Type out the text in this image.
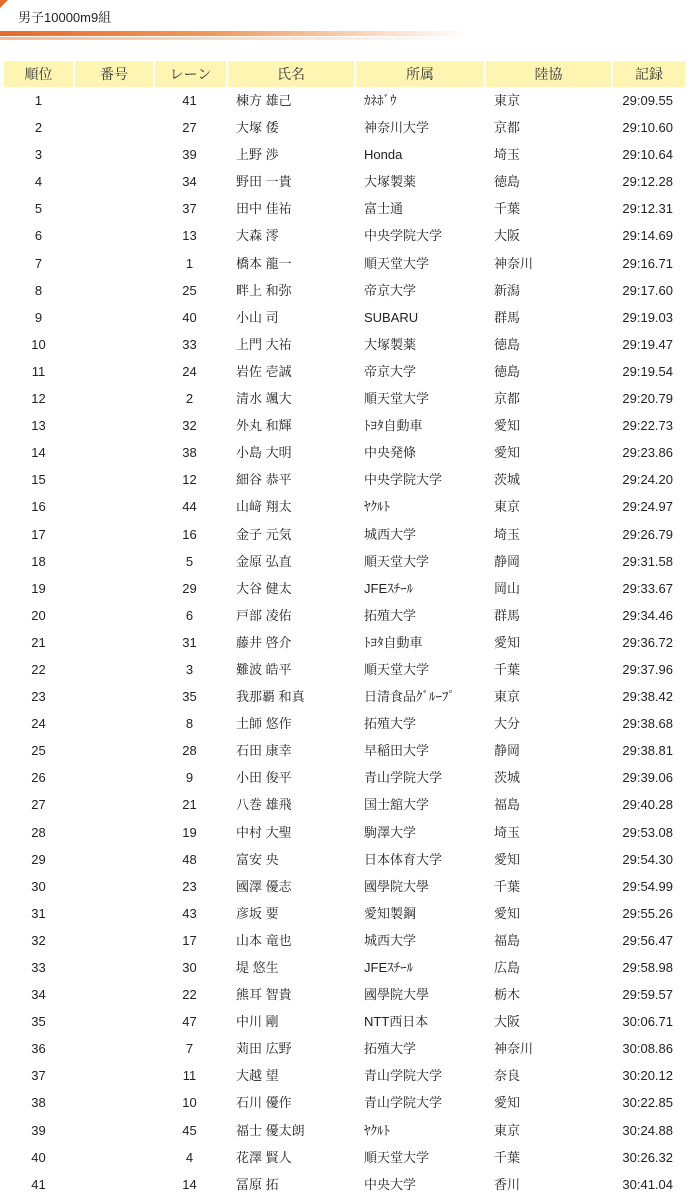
男子10000m9組
順位	番号	レーン	氏名	所属	陸協	記録
1		41	棟方 雄己	ｶﾈﾎﾞｳ	東京	29:09.55
2		27	大塚 倭	神奈川大学	京都	29:10.60
3		39	上野 渉	Honda	埼玉	29:10.64
4		34	野田 一貴	大塚製薬	徳島	29:12.28
5		37	田中 佳祐	富士通	千葉	29:12.31
6		13	大森 澪	中央学院大学	大阪	29:14.69
7		1	橋本 龍一	順天堂大学	神奈川	29:16.71
8		25	畔上 和弥	帝京大学	新潟	29:17.60
9		40	小山 司	SUBARU	群馬	29:19.03
10		33	上門 大祐	大塚製薬	徳島	29:19.47
11		24	岩佐 壱誠	帝京大学	徳島	29:19.54
12		2	清水 颯大	順天堂大学	京都	29:20.79
13		32	外丸 和輝	ﾄﾖﾀ自動車	愛知	29:22.73
14		38	小島 大明	中央発條	愛知	29:23.86
15		12	細谷 恭平	中央学院大学	茨城	29:24.20
16		44	山﨑 翔太	ﾔｸﾙﾄ	東京	29:24.97
17		16	金子 元気	城西大学	埼玉	29:26.79
18		5	金原 弘直	順天堂大学	静岡	29:31.58
19		29	大谷 健太	JFEｽﾁｰﾙ	岡山	29:33.67
20		6	戸部 凌佑	拓殖大学	群馬	29:34.46
21		31	藤井 啓介	ﾄﾖﾀ自動車	愛知	29:36.72
22		3	難波 皓平	順天堂大学	千葉	29:37.96
23		35	我那覇 和真	日清食品ｸﾞﾙｰﾌﾟ	東京	29:38.42
24		8	土師 悠作	拓殖大学	大分	29:38.68
25		28	石田 康幸	早稲田大学	静岡	29:38.81
26		9	小田 俊平	青山学院大学	茨城	29:39.06
27		21	八巻 雄飛	国士舘大学	福島	29:40.28
28		19	中村 大聖	駒澤大学	埼玉	29:53.08
29		48	富安 央	日本体育大学	愛知	29:54.30
30		23	國澤 優志	國學院大學	千葉	29:54.99
31		43	彦坂 要	愛知製鋼	愛知	29:55.26
32		17	山本 竜也	城西大学	福島	29:56.47
33		30	堤 悠生	JFEｽﾁｰﾙ	広島	29:58.98
34		22	熊耳 智貴	國學院大學	栃木	29:59.57
35		47	中川 剛	NTT西日本	大阪	30:06.71
36		7	苅田 広野	拓殖大学	神奈川	30:08.86
37		11	大越 望	青山学院大学	奈良	30:20.12
38		10	石川 優作	青山学院大学	愛知	30:22.85
39		45	福士 優太朗	ﾔｸﾙﾄ	東京	30:24.88
40		4	花澤 賢人	順天堂大学	千葉	30:26.32
41		14	冨原 拓	中央大学	香川	30:41.04
